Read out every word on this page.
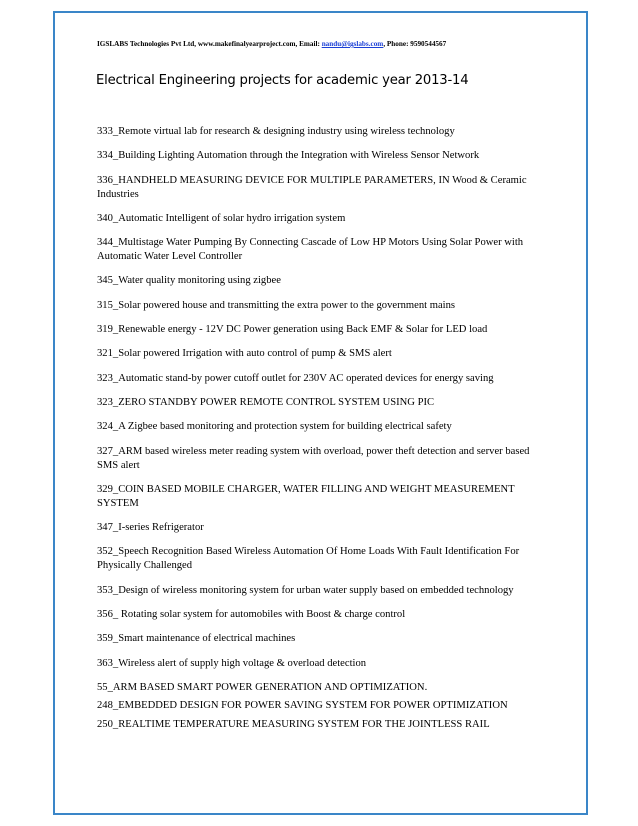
IGSLABS Technologies Pvt Ltd, www.makefinalyearproject.com, Email: nandu@igslabs.com, Phone: 9590544567
Electrical Engineering projects for academic year 2013-14
333_Remote virtual lab for research & designing industry using wireless technology
334_Building Lighting Automation through the Integration with Wireless Sensor Network
336_HANDHELD MEASURING DEVICE FOR MULTIPLE PARAMETERS, IN Wood & Ceramic Industries
340_Automatic Intelligent of solar hydro irrigation system
344_Multistage Water Pumping By Connecting Cascade of Low HP Motors Using Solar Power with Automatic Water Level Controller
345_Water quality monitoring using zigbee
315_Solar powered house and transmitting the extra power to the government mains
319_Renewable energy - 12V DC Power generation using Back EMF & Solar for LED load
321_Solar powered Irrigation with auto control of pump & SMS alert
323_Automatic stand-by power cutoff outlet for 230V AC operated devices for energy saving
323_ZERO STANDBY POWER REMOTE CONTROL SYSTEM USING PIC
324_A Zigbee based monitoring and protection system for building electrical safety
327_ARM based wireless meter reading system with overload, power theft detection and server based SMS alert
329_COIN BASED MOBILE CHARGER, WATER FILLING AND WEIGHT MEASUREMENT SYSTEM
347_I-series Refrigerator
352_Speech Recognition Based Wireless Automation Of Home Loads With Fault Identification For Physically Challenged
353_Design of wireless monitoring system for urban water supply based on embedded technology
356_ Rotating solar system for automobiles with Boost & charge control
359_Smart maintenance of electrical machines
363_Wireless alert of supply high voltage & overload detection
55_ARM BASED SMART POWER GENERATION AND OPTIMIZATION.
248_EMBEDDED DESIGN FOR POWER SAVING SYSTEM FOR POWER OPTIMIZATION
250_REALTIME TEMPERATURE MEASURING SYSTEM FOR THE JOINTLESS RAIL
